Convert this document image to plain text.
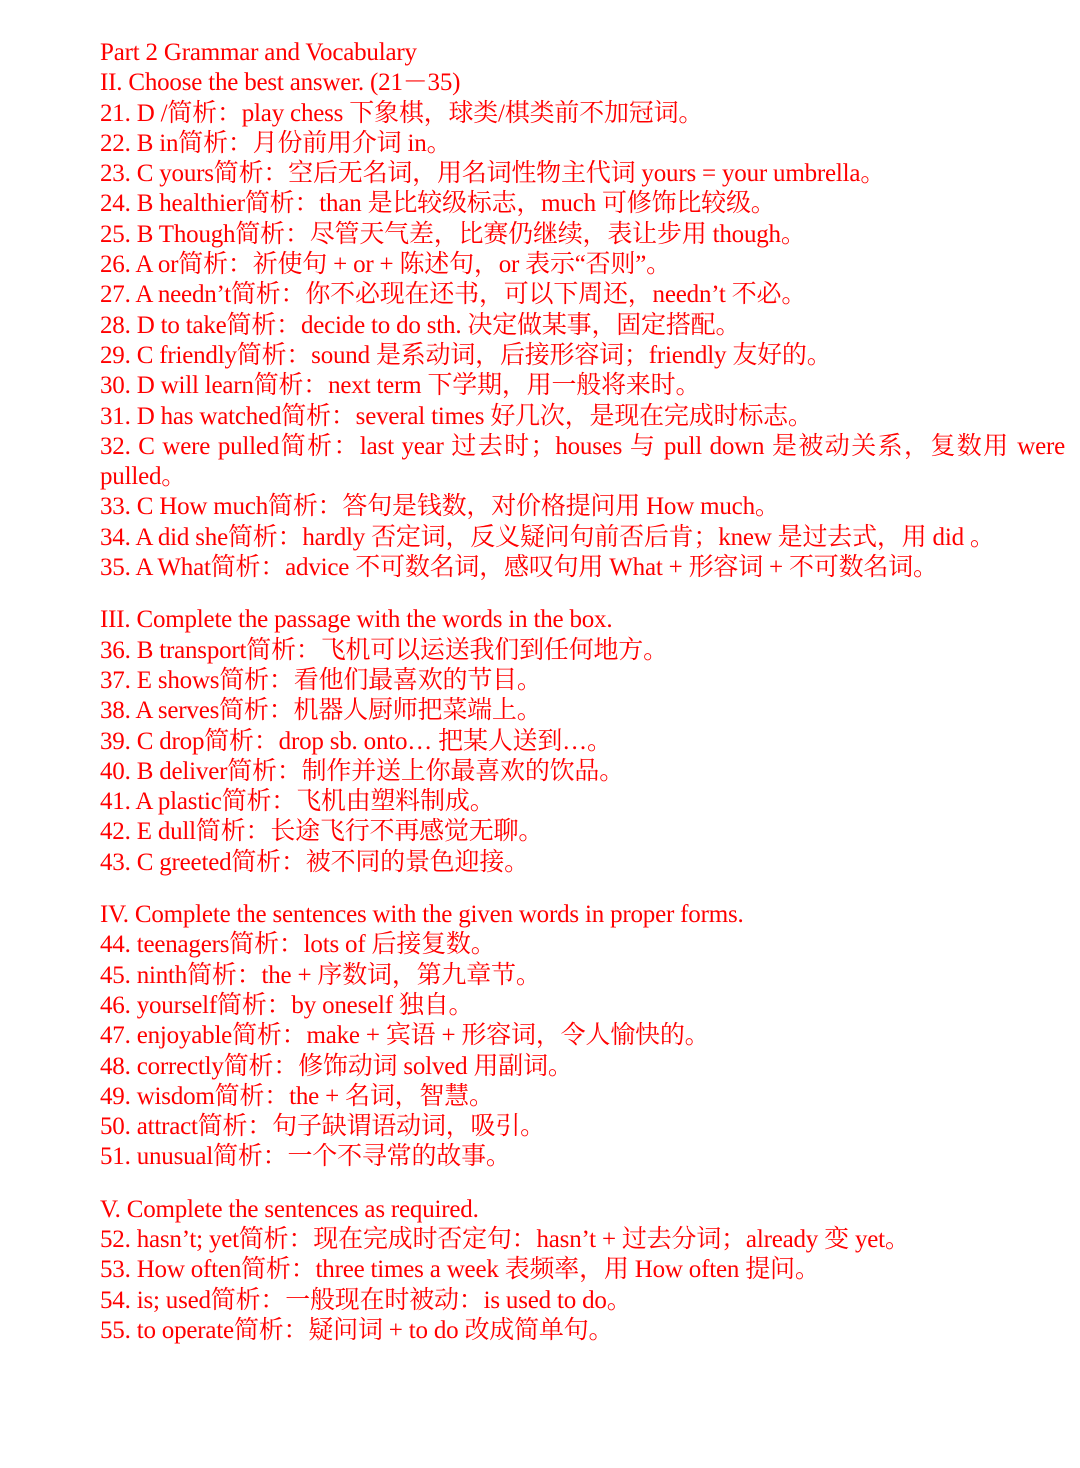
Part 2 Grammar and Vocabulary
II. Choose the best answer. (21－35)
21. D /简析：play chess 下象棋，球类/棋类前不加冠词。
22. B in简析：月份前用介词 in。
23. C yours简析：空后无名词，用名词性物主代词 yours = your umbrella。
24. B healthier简析：than 是比较级标志，much 可修饰比较级。
25. B Though简析：尽管天气差，比赛仍继续，表让步用 though。
26. A or简析：祈使句 + or + 陈述句，or 表示“否则”。
27. A needn’t简析：你不必现在还书，可以下周还，needn’t 不必。
28. D to take简析：decide to do sth. 决定做某事，固定搭配。
29. C friendly简析：sound 是系动词，后接形容词；friendly 友好的。
30. D will learn简析：next term 下学期，用一般将来时。
31. D has watched简析：several times 好几次，是现在完成时标志。
32. C were pulled简析：last year 过去时；houses 与 pull down 是被动关系，复数用 were pulled。
33. C How much简析：答句是钱数，对价格提问用 How much。
34. A did she简析：hardly 否定词，反义疑问句前否后肯；knew 是过去式，用 did 。
35. A What简析：advice 不可数名词，感叹句用 What + 形容词 + 不可数名词。
III. Complete the passage with the words in the box.
36. B transport简析：飞机可以运送我们到任何地方。
37. E shows简析：看他们最喜欢的节目。
38. A serves简析：机器人厨师把菜端上。
39. C drop简析：drop sb. onto… 把某人送到…。
40. B deliver简析：制作并送上你最喜欢的饮品。
41. A plastic简析：飞机由塑料制成。
42. E dull简析：长途飞行不再感觉无聊。
43. C greeted简析：被不同的景色迎接。
IV. Complete the sentences with the given words in proper forms.
44. teenagers简析：lots of 后接复数。
45. ninth简析：the + 序数词，第九章节。
46. yourself简析：by oneself 独自。
47. enjoyable简析：make + 宾语 + 形容词，令人愉快的。
48. correctly简析：修饰动词 solved 用副词。
49. wisdom简析：the + 名词，智慧。
50. attract简析：句子缺谓语动词，吸引。
51. unusual简析：一个不寻常的故事。
V. Complete the sentences as required.
52. hasn’t; yet简析：现在完成时否定句：hasn’t + 过去分词；already 变 yet。
53. How often简析：three times a week 表频率，用 How often 提问。
54. is; used简析：一般现在时被动：is used to do。
55. to operate简析：疑问词 + to do 改成简单句。
